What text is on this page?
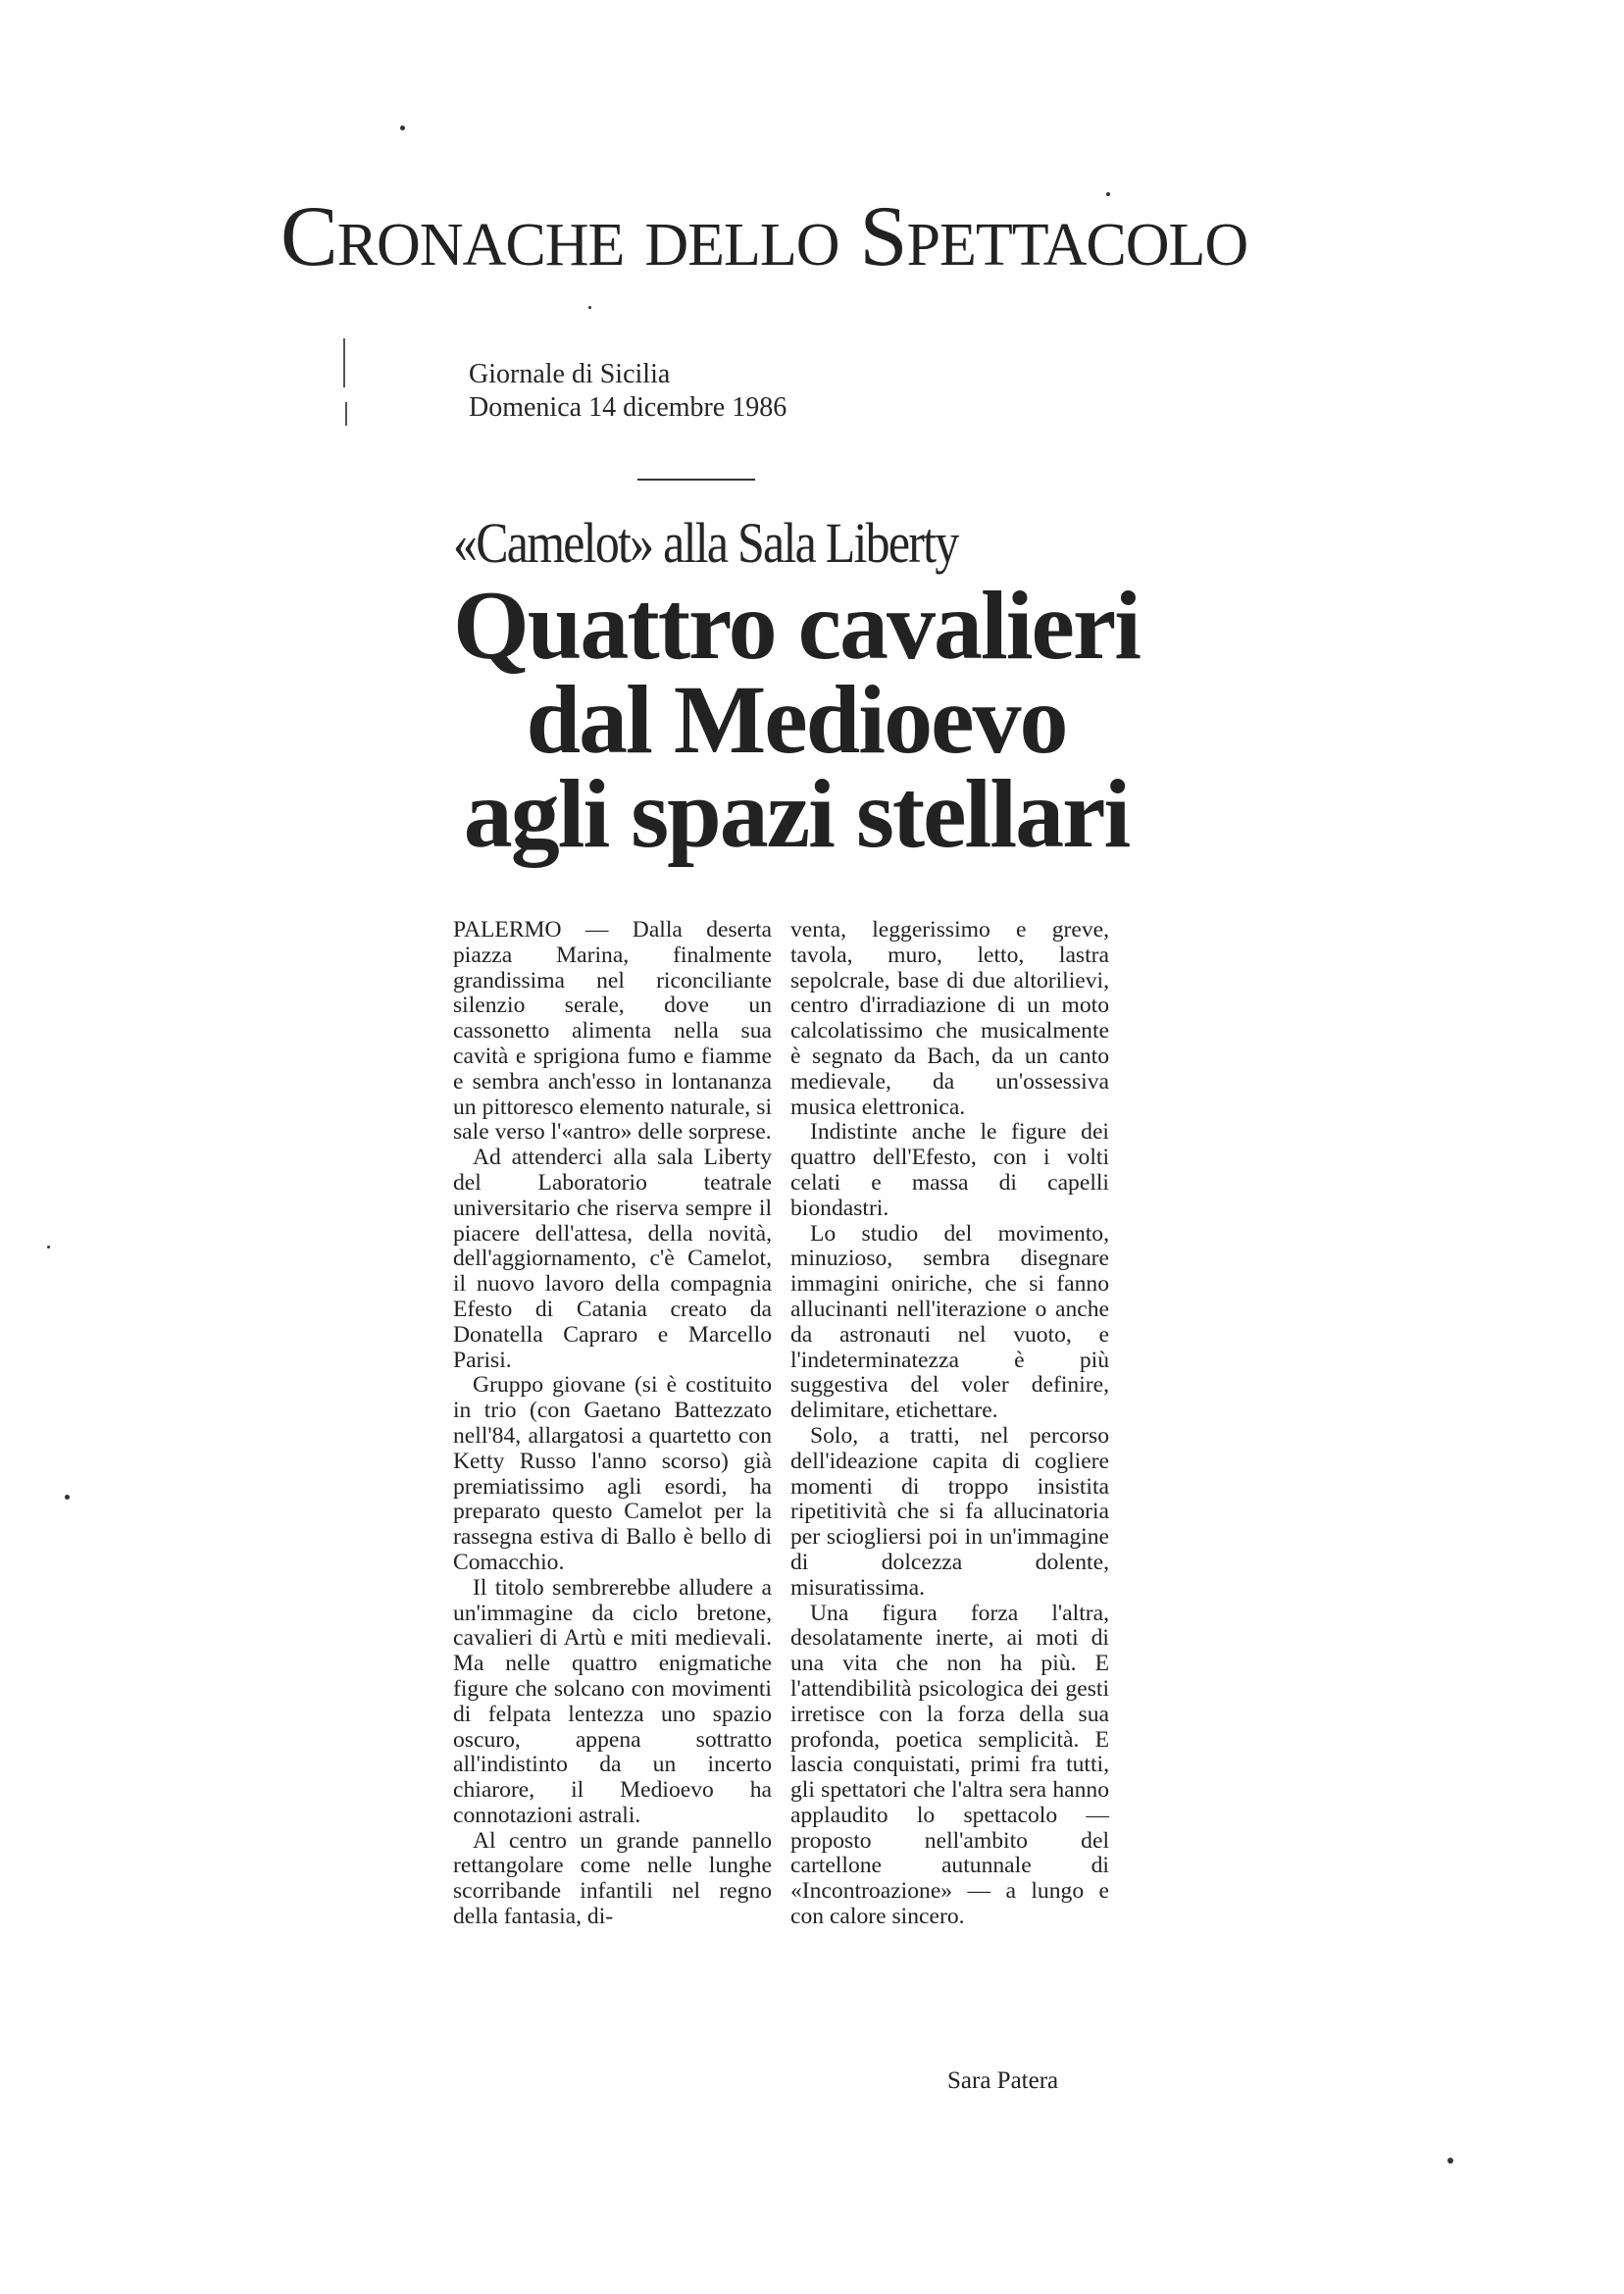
Cronache dello Spettacolo
Giornale di Sicilia
Domenica 14 dicembre 1986
«Camelot» alla Sala Liberty
Quattro cavalieri
dal Medioevo
agli spazi stellari

PALERMO — Dalla deserta piazza Marina, finalmente grandissima nel riconciliante silenzio serale, dove un cassonetto alimenta nella sua cavità e sprigiona fumo e fiamme e sembra anch'esso in lontananza un pittoresco elemento naturale, si sale verso l'«antro» delle sorprese.

Ad attenderci alla sala Liberty del Laboratorio teatrale universitario che riserva sempre il piacere dell'attesa, della novità, dell'aggiornamento, c'è Camelot, il nuovo lavoro della compagnia Efesto di Catania creato da Donatella Capraro e Marcello Parisi.

Gruppo giovane (si è costituito in trio (con Gaetano Battezzato nell'84, allargatosi a quartetto con Ketty Russo l'anno scorso) già premiatissimo agli esordi, ha preparato questo Camelot per la rassegna estiva di Ballo è bello di Comacchio.

Il titolo sembrerebbe alludere a un'immagine da ciclo bretone, cavalieri di Artù e miti medievali. Ma nelle quattro enigmatiche figure che solcano con movimenti di felpata lentezza uno spazio oscuro, appena sottratto all'indistinto da un incerto chiarore, il Medioevo ha connotazioni astrali.

Al centro un grande pannello rettangolare come nelle lunghe scorribande infantili nel regno della fantasia, di-

venta, leggerissimo e greve, tavola, muro, letto, lastra sepolcrale, base di due altorilievi, centro d'irradiazione di un moto calcolatissimo che musicalmente è segnato da Bach, da un canto medievale, da un'ossessiva musica elettronica.

Indistinte anche le figure dei quattro dell'Efesto, con i volti celati e massa di capelli biondastri.

Lo studio del movimento, minuzioso, sembra disegnare immagini oniriche, che si fanno allucinanti nell'iterazione o anche da astronauti nel vuoto, e l'indeterminatezza è più suggestiva del voler definire, delimitare, etichettare.

Solo, a tratti, nel percorso dell'ideazione capita di cogliere momenti di troppo insistita ripetitività che si fa allucinatoria per sciogliersi poi in un'immagine di dolcezza dolente, misuratissima.

Una figura forza l'altra, desolatamente inerte, ai moti di una vita che non ha più. E l'attendibilità psicologica dei gesti irretisce con la forza della sua profonda, poetica semplicità. E lascia conquistati, primi fra tutti, gli spettatori che l'altra sera hanno applaudito lo spettacolo — proposto nell'ambito del cartellone autunnale di «Incontroazione» — a lungo e con calore sincero.

Sara Patera
